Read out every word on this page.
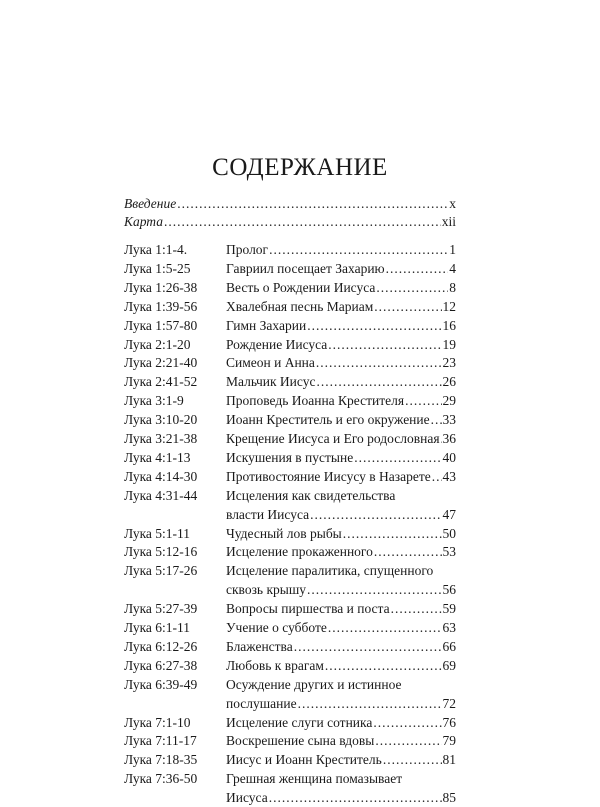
СОДЕРЖАНИЕ
Введение .....	x
Карта .....	xii
Лука 1:1-4.	Пролог .....	1
Лука 1:5-25	Гавриил посещает Захарию .....	4
Лука 1:26-38 Весть о Рождении Иисуса .....	8
Лука 1:39-56 Хвалебная песнь Мариам .....	12
Лука 1:57-80 Гимн Захарии .....	16
Лука 2:1-20	Рождение Иисуса .....	19
Лука 2:21-40 Симеон и Анна .....	23
Лука 2:41-52 Мальчик Иисус .....	26
Лука 3:1-9	Проповедь Иоанна Крестителя .....	29
Лука 3:10-20 Иоанн Креститель и его окружение ..... 33
Лука 3:21-38 Крещение Иисуса и Его родословная ..... 36
Лука 4:1-13	Искушения в пустыне .....	40
Лука 4:14-30 Противостояние Иисусу в Назарете ..... 43
Лука 4:31-44 Исцеления как свидетельства
власти Иисуса .....	47
Лука 5:1-11	Чудесный лов рыбы .....	50
Лука 5:12-16 Исцеление прокаженного .....	53
Лука 5:17-26 Исцеление паралитика, спущенного
сквозь крышу .....	56
Лука 5:27-39 Вопросы пиршества и поста .....	59
Лука 6:1-11	Учение о субботе .....	63
Лука 6:12-26 Блаженства .....	66
Лука 6:27-38 Любовь к врагам .....	69
Лука 6:39-49 Осуждение других и истинное
послушание .....	72
Лука 7:1-10	Исцеление слуги сотника .....	76
Лука 7:11-17 Воскрешение сына вдовы .....	79
Лука 7:18-35 Иисус и Иоанн Креститель .....	81
Лука 7:36-50 Грешная женщина помазывает
Иисуса .....	85
